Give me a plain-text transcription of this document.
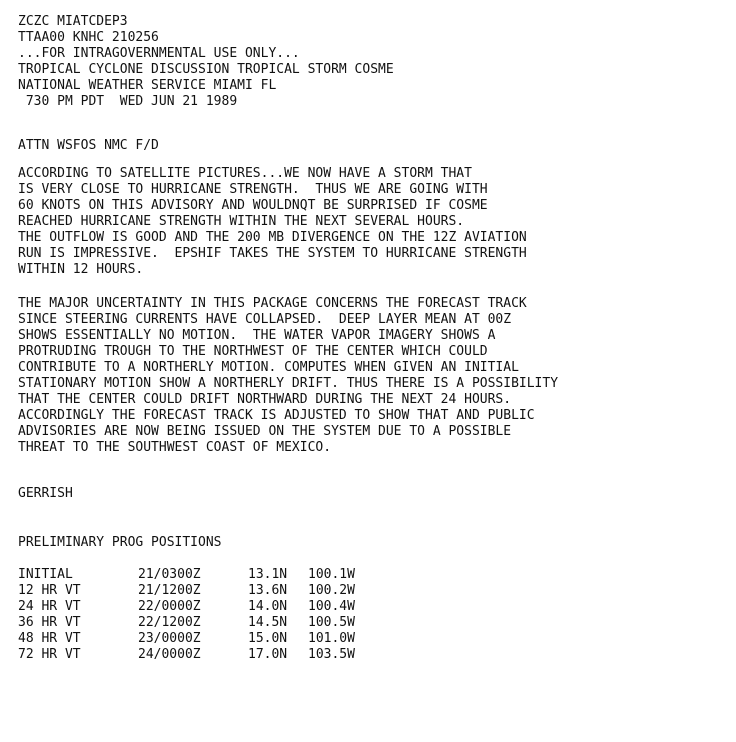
ZCZC MIATCDEP3
TTAA00 KNHC 210256
...FOR INTRAGOVERNMENTAL USE ONLY...
TROPICAL CYCLONE DISCUSSION TROPICAL STORM COSME
NATIONAL WEATHER SERVICE MIAMI FL
730 PM PDT  WED JUN 21 1989
ATTN WSFOS NMC F/D
ACCORDING TO SATELLITE PICTURES...WE NOW HAVE A STORM THAT
IS VERY CLOSE TO HURRICANE STRENGTH.  THUS WE ARE GOING WITH
60 KNOTS ON THIS ADVISORY AND WOULDNQT BE SURPRISED IF COSME
REACHED HURRICANE STRENGTH WITHIN THE NEXT SEVERAL HOURS.
THE OUTFLOW IS GOOD AND THE 200 MB DIVERGENCE ON THE 12Z AVIATION
RUN IS IMPRESSIVE.  EPSHIF TAKES THE SYSTEM TO HURRICANE STRENGTH
WITHIN 12 HOURS.
THE MAJOR UNCERTAINTY IN THIS PACKAGE CONCERNS THE FORECAST TRACK
SINCE STEERING CURRENTS HAVE COLLAPSED.  DEEP LAYER MEAN AT 00Z
SHOWS ESSENTIALLY NO MOTION.  THE WATER VAPOR IMAGERY SHOWS A
PROTRUDING TROUGH TO THE NORTHWEST OF THE CENTER WHICH COULD
CONTRIBUTE TO A NORTHERLY MOTION. COMPUTES WHEN GIVEN AN INITIAL
STATIONARY MOTION SHOW A NORTHERLY DRIFT. THUS THERE IS A POSSIBILITY
THAT THE CENTER COULD DRIFT NORTHWARD DURING THE NEXT 24 HOURS.
ACCORDINGLY THE FORECAST TRACK IS ADJUSTED TO SHOW THAT AND PUBLIC
ADVISORIES ARE NOW BEING ISSUED ON THE SYSTEM DUE TO A POSSIBLE
THREAT TO THE SOUTHWEST COAST OF MEXICO.
GERRISH
PRELIMINARY PROG POSITIONS
INITIAL	21/0300Z	13.1N	100.1W
12 HR VT	21/1200Z	13.6N	100.2W
24 HR VT	22/0000Z	14.0N	100.4W
36 HR VT	22/1200Z	14.5N	100.5W
48 HR VT	23/0000Z	15.0N	101.0W
72 HR VT	24/0000Z	17.0N	103.5W
